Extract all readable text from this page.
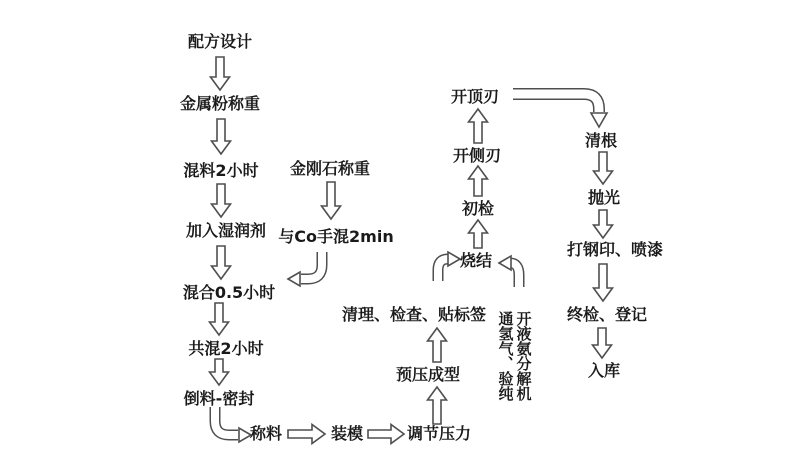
配方设计
金属粉称重
混料2小时
加入湿润剂
混合0.5小时
共混2小时
倒料-密封
称料	装模	调节压力
预压成型
清理、检查、贴标签
金刚石称重
与Co手混2min
烧结
初检
开侧刃
开顶刃
通氢气、验纯 开液氨分解机
清根
抛光
打钢印、喷漆
终检、登记
入库
